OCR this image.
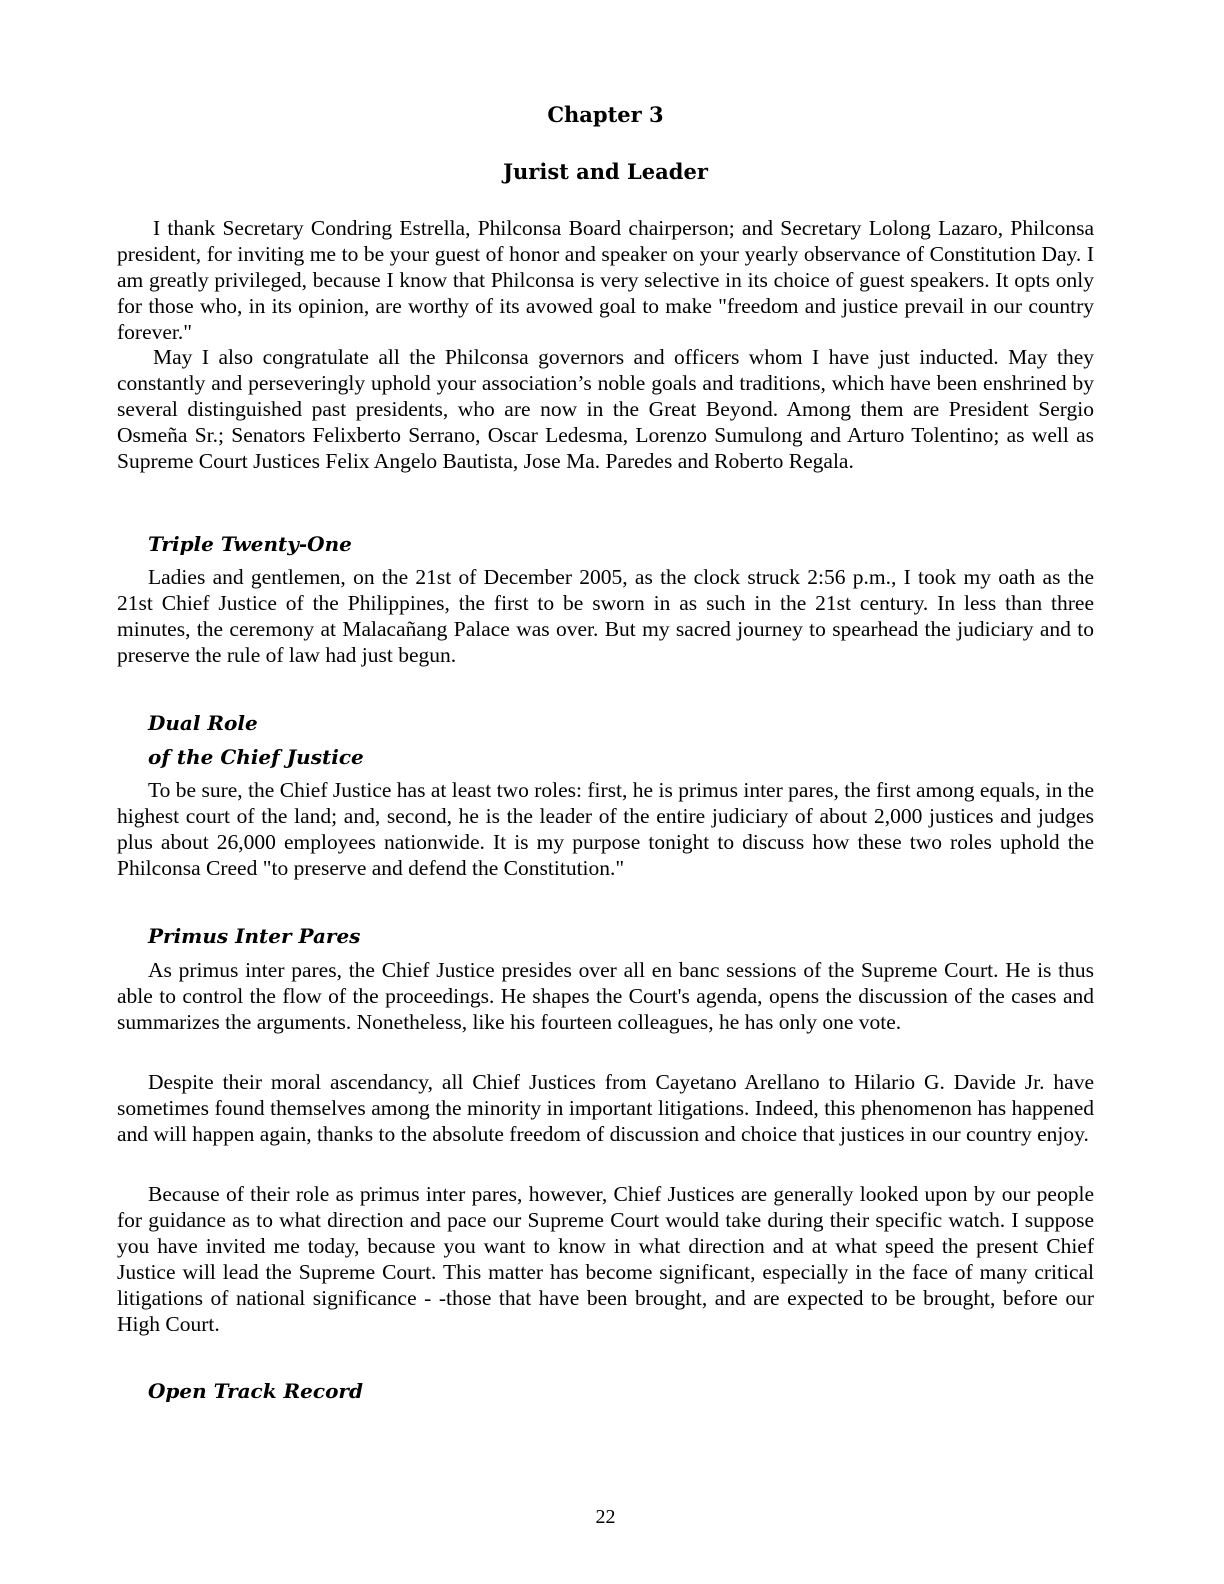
Chapter 3
Jurist and Leader

I thank Secretary Condring Estrella, Philconsa Board chairperson; and Secretary Lolong Lazaro, Philconsa president, for inviting me to be your guest of honor and speaker on your yearly observance of Constitution Day. I am greatly privileged, because I know that Philconsa is very selective in its choice of guest speakers. It opts only for those who, in its opinion, are worthy of its avowed goal to make "freedom and justice prevail in our country forever."

May I also congratulate all the Philconsa governors and officers whom I have just inducted. May they constantly and perseveringly uphold your association’s noble goals and traditions, which have been enshrined by several distinguished past presidents, who are now in the Great Beyond. Among them are President Sergio Osmeña Sr.; Senators Felixberto Serrano, Oscar Ledesma, Lorenzo Sumulong and Arturo Tolentino; as well as Supreme Court Justices Felix Angelo Bautista, Jose Ma. Paredes and Roberto Regala.

Triple Twenty-One

Ladies and gentlemen, on the 21st of December 2005, as the clock struck 2:56 p.m., I took my oath as the 21st Chief Justice of the Philippines, the first to be sworn in as such in the 21st century. In less than three minutes, the ceremony at Malacañang Palace was over. But my sacred journey to spearhead the judiciary and to preserve the rule of law had just begun.

Dual Role
of the Chief Justice

To be sure, the Chief Justice has at least two roles: first, he is primus inter pares, the first among equals, in the highest court of the land; and, second, he is the leader of the entire judiciary of about 2,000 justices and judges plus about 26,000 employees nationwide. It is my purpose tonight to discuss how these two roles uphold the Philconsa Creed "to preserve and defend the Constitution."

Primus Inter Pares

As primus inter pares, the Chief Justice presides over all en banc sessions of the Supreme Court. He is thus able to control the flow of the proceedings. He shapes the Court's agenda, opens the discussion of the cases and summarizes the arguments. Nonetheless, like his fourteen colleagues, he has only one vote.

Despite their moral ascendancy, all Chief Justices from Cayetano Arellano to Hilario G. Davide Jr. have sometimes found themselves among the minority in important litigations. Indeed, this phenomenon has happened and will happen again, thanks to the absolute freedom of discussion and choice that justices in our country enjoy.

Because of their role as primus inter pares, however, Chief Justices are generally looked upon by our people for guidance as to what direction and pace our Supreme Court would take during their specific watch. I suppose you have invited me today, because you want to know in what direction and at what speed the present Chief Justice will lead the Supreme Court. This matter has become significant, especially in the face of many critical litigations of national significance - -those that have been brought, and are expected to be brought, before our High Court.

Open Track Record
22
